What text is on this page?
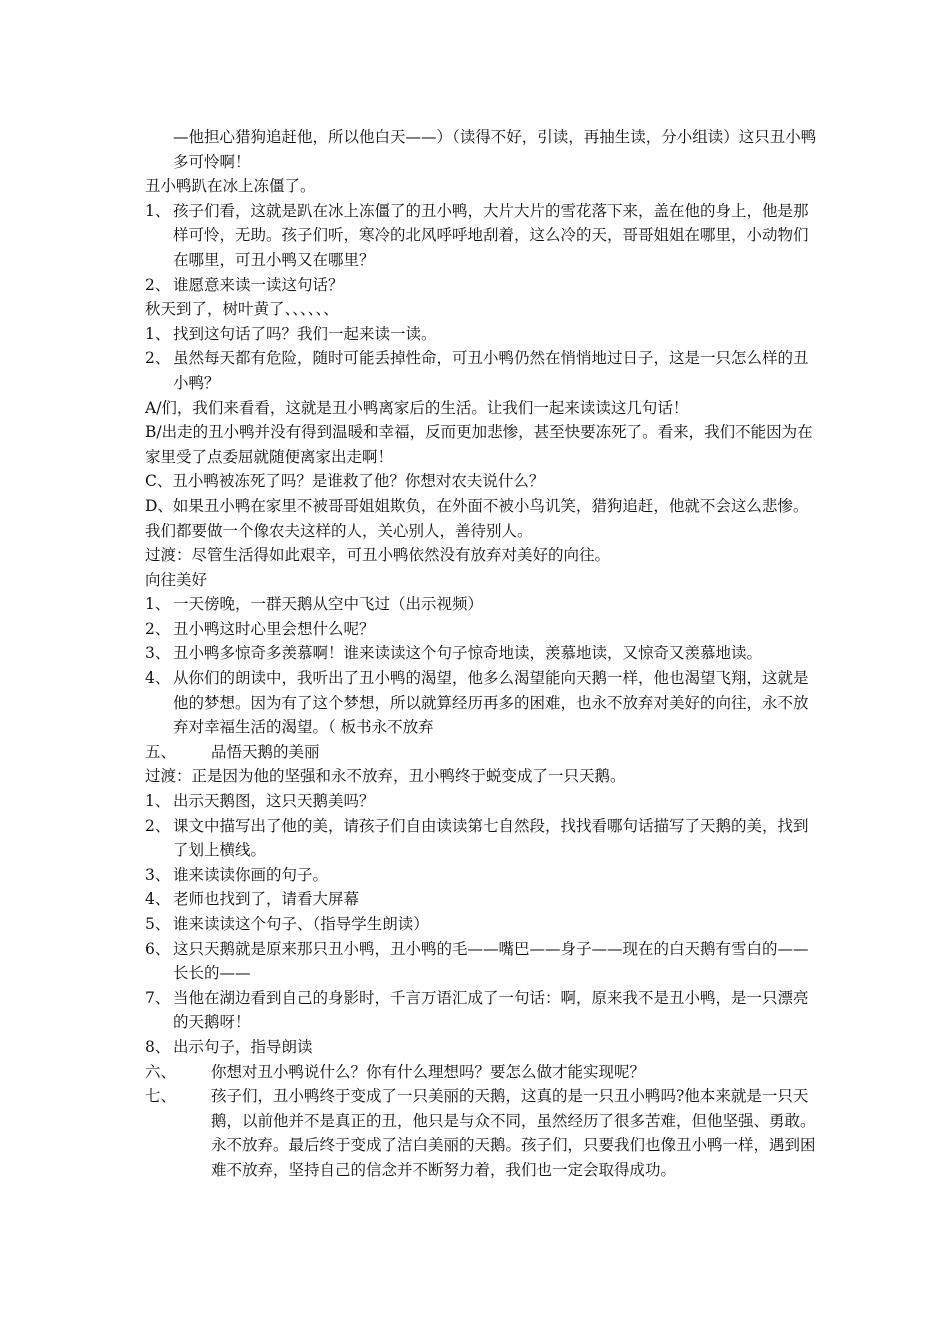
—他担心猎狗追赶他，所以他白天——）（读得不好，引读，再抽生读，分小组读）这只丑小鸭多可怜啊！

丑小鸭趴在冰上冻僵了。

1、 孩子们看，这就是趴在冰上冻僵了的丑小鸭，大片大片的雪花落下来，盖在他的身上，他是那样可怜，无助。孩子们听，寒冷的北风呼呼地刮着，这么冷的天，哥哥姐姐在哪里，小动物们在哪里，可丑小鸭又在哪里？
2、 谁愿意来读一读这句话？

秋天到了，树叶黄了、、、、、、

1、 找到这句话了吗？我们一起来读一读。
2、 虽然每天都有危险，随时可能丢掉性命，可丑小鸭仍然在悄悄地过日子，这是一只怎么样的丑小鸭？

A/们，我们来看看，这就是丑小鸭离家后的生活。让我们一起来读读这几句话！

B/出走的丑小鸭并没有得到温暖和幸福，反而更加悲惨，甚至快要冻死了。看来，我们不能因为在家里受了点委屈就随便离家出走啊！

C、丑小鸭被冻死了吗？是谁救了他？你想对农夫说什么？

D、如果丑小鸭在家里不被哥哥姐姐欺负，在外面不被小鸟讥笑，猎狗追赶，他就不会这么悲惨。我们都要做一个像农夫这样的人，关心别人，善待别人。

过渡：尽管生活得如此艰辛，可丑小鸭依然没有放弃对美好的向往。

向往美好

1、 一天傍晚，一群天鹅从空中飞过（出示视频）
2、 丑小鸭这时心里会想什么呢？
3、 丑小鸭多惊奇多羡慕啊！谁来读读这个句子惊奇地读，羡慕地读，又惊奇又羡慕地读。
4、 从你们的朗读中，我听出了丑小鸭的渴望，他多么渴望能向天鹅一样，他也渴望飞翔，这就是他的梦想。因为有了这个梦想，所以就算经历再多的困难，也永不放弃对美好的向往，永不放弃对幸福生活的渴望。（ 板书永不放弃
五、	品悟天鹅的美丽

过渡：正是因为他的坚强和永不放弃，丑小鸭终于蜕变成了一只天鹅。

1、 出示天鹅图，这只天鹅美吗？
2、 课文中描写出了他的美，请孩子们自由读读第七自然段，找找看哪句话描写了天鹅的美，找到了划上横线。
3、 谁来读读你画的句子。
4、 老师也找到了，请看大屏幕
5、 谁来读读这个句子、（指导学生朗读）
6、 这只天鹅就是原来那只丑小鸭，丑小鸭的毛——嘴巴——身子——现在的白天鹅有雪白的——长长的——
7、 当他在湖边看到自己的身影时，千言万语汇成了一句话：啊，原来我不是丑小鸭，是一只漂亮的天鹅呀！
8、 出示句子，指导朗读
六、	你想对丑小鸭说什么？你有什么理想吗？要怎么做才能实现呢？
七、	孩子们，丑小鸭终于变成了一只美丽的天鹅，这真的是一只丑小鸭吗?他本来就是一只天鹅，以前他并不是真正的丑，他只是与众不同，虽然经历了很多苦难，但他坚强、勇敢。永不放弃。最后终于变成了洁白美丽的天鹅。孩子们，只要我们也像丑小鸭一样，遇到困难不放弃，坚持自己的信念并不断努力着，我们也一定会取得成功。
